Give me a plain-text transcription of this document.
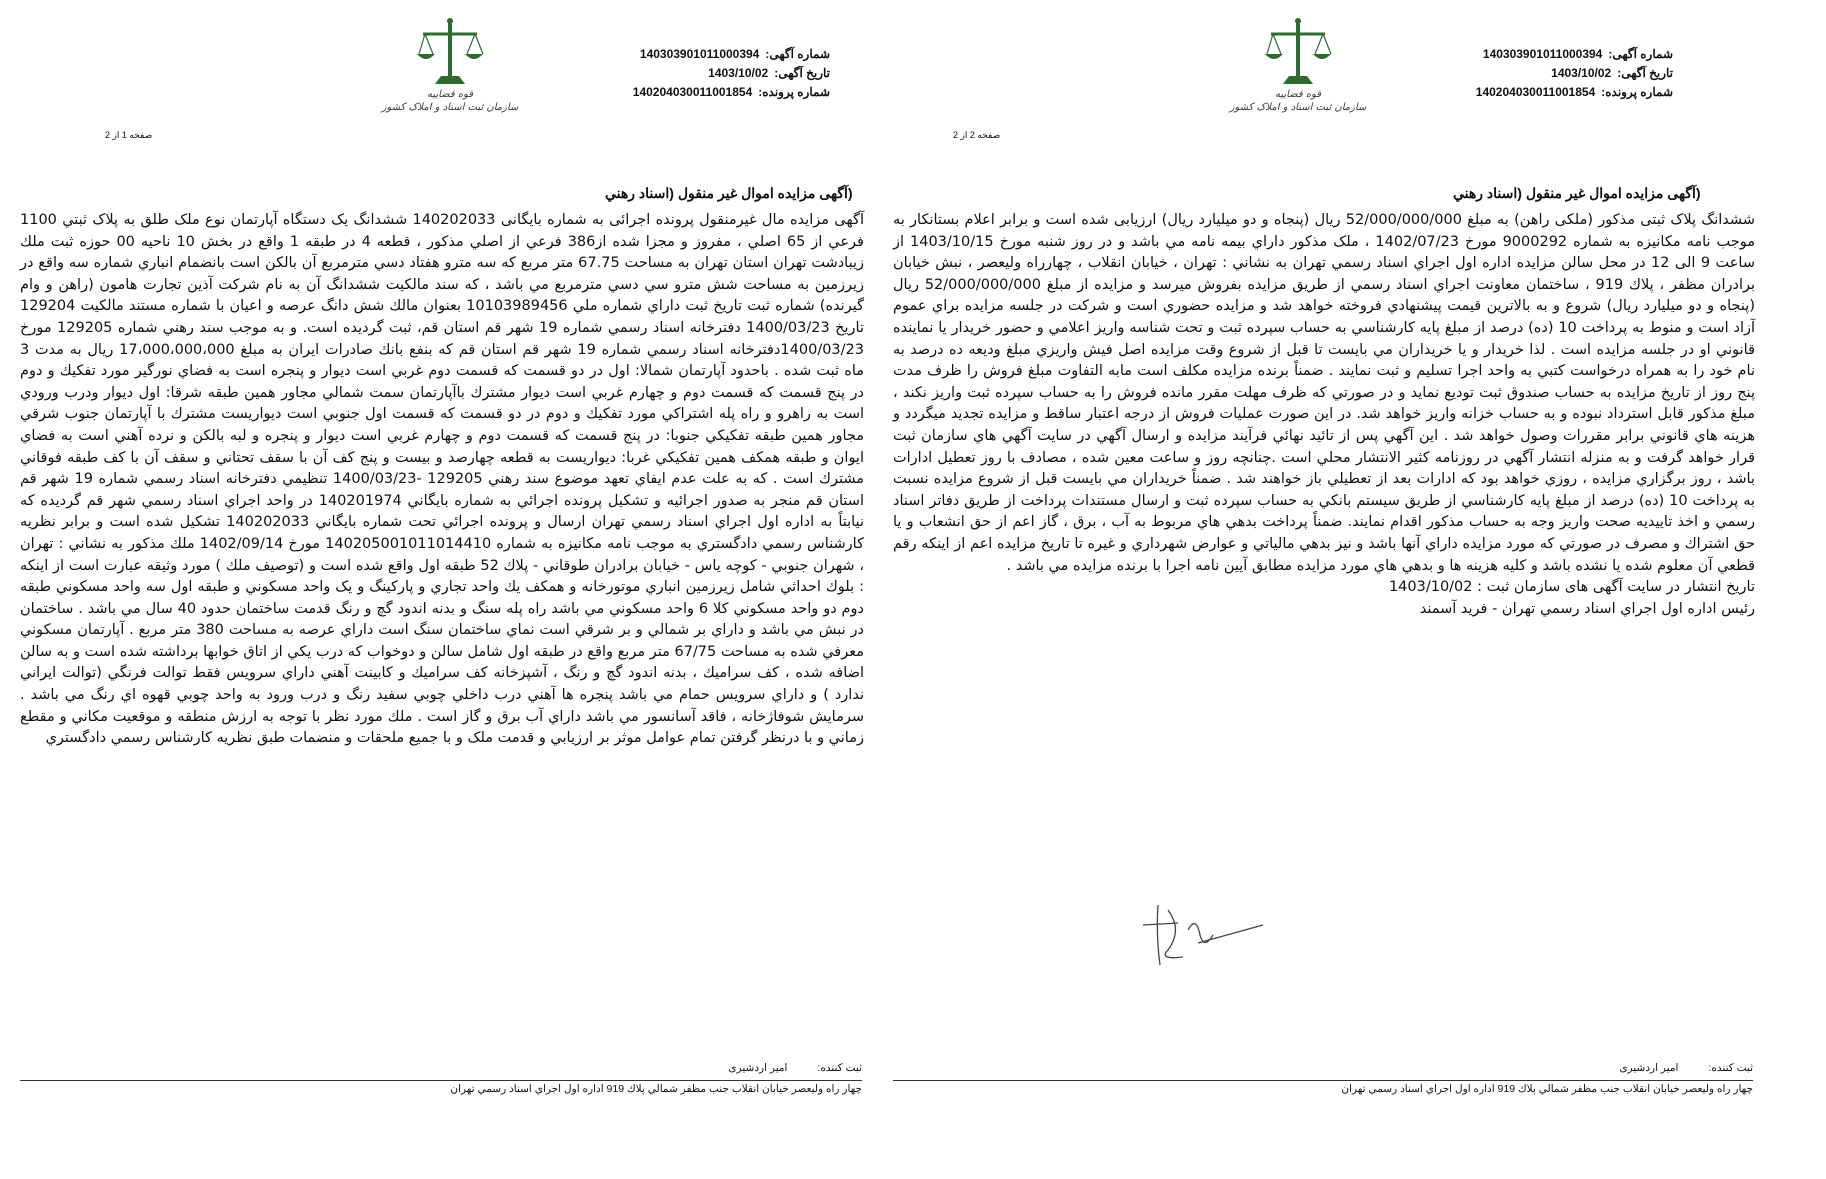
قوه قضاییه
سازمان ثبت اسناد و املاک کشور
شماره آگهی:
140303901011000394
تاریخ آگهی:
1403/10/02
شماره پرونده:
140204030011001854
صفحه 1 از 2
(آگهی مزایده اموال غیر منقول (اسناد رهني
آگهی مزايده مال غيرمنقول پرونده اجرائی به شماره بايگانی 140202033 ششدانگ يک دستگاه آپارتمان نوع ملک طلق به پلاک ثبتي 1100 فرعي از 65 اصلي ، مفروز و مجزا شده از386 فرعي از اصلي مذكور ، قطعه 4 در طبقه 1 واقع در بخش 10 ناحيه 00 حوزه ثبت ملك زيبادشت تهران استان تهران به مساحت 67.75 متر مربع كه سه مترو هفتاد دسي مترمربع آن بالكن است بانضمام انباري شماره سه واقع در زيرزمين به مساحت شش مترو سي دسي مترمربع مي باشد ، كه سند مالكيت ششدانگ آن به نام شركت آذين تجارت هامون (راهن و وام گيرنده) شماره ثبت تاريخ ثبت داراي شماره ملي 10103989456 بعنوان مالك شش دانگ عرصه و اعيان با شماره مستند مالكيت 129204 تاريخ 1400/03/23 دفترخانه اسناد رسمي شماره 19 شهر قم استان قم، ثبت گرديده است. و به موجب سند رهني شماره 129205 مورخ 1400/03/23دفترخانه اسناد رسمي شماره 19 شهر قم استان قم كه بنفع بانك صادرات ايران به مبلغ 17،000،000،000 ريال به مدت 3 ماه ثبت شده . باحدود آپارتمان شمالا: اول در دو قسمت كه قسمت دوم غربي است ديوار و پنجره است به فضاي نورگير مورد تفكيك و دوم در پنج قسمت كه قسمت دوم و چهارم غربي است ديوار مشترك باآپارتمان سمت شمالي مجاور همين طبقه شرقا: اول ديوار ودرب ورودي است به راهرو و راه پله اشتراكي مورد تفكيك و دوم در دو قسمت كه قسمت اول جنوبي است ديواريست مشترك با آپارتمان جنوب شرقي مجاور همين طبقه تفكيكي جنوبا: در پنج قسمت كه قسمت دوم و چهارم غربي است ديوار و پنجره و لبه بالكن و نرده آهني است به فضاي ايوان و طبقه همكف همين تفكيكي غربا: ديواريست به قطعه چهارصد و بيست و پنج كف آن با سقف تحتاني و سقف آن با كف طبقه فوقاني مشترك است . كه به علت عدم ايفاي تعهد موضوع سند رهني 129205 -1400/03/23 تنظيمي دفترخانه اسناد رسمي شماره 19 شهر قم استان قم منجر به صدور اجرائيه و تشكيل پرونده اجرائي به شماره بايگاني 140201974 در واحد اجراي اسناد رسمي شهر قم گرديده كه نيابتاً به اداره اول اجراي اسناد رسمي تهران ارسال و پرونده اجرائي تحت شماره بايگاني 140202033 تشكيل شده است و برابر نظريه كارشناس رسمي دادگستري به موجب نامه مكانيزه به شماره 140205001011014410 مورخ 1402/09/14 ملك مذكور به نشاني : تهران ، شهران جنوبي - كوچه ياس - خيابان برادران طوقاني - پلاك 52 طبقه اول واقع شده است و (توصيف ملك ) مورد وثيقه عبارت است از اينكه : بلوك احداثي شامل زيرزمين انباري موتورخانه و همكف يك واحد تجاري و پاركينگ و يک واحد مسكوني و طبقه اول سه واحد مسكوني طبقه دوم دو واحد مسكوني كلا 6 واحد مسكوني مي باشد راه پله سنگ و بدنه اندود گچ و رنگ قدمت ساختمان حدود 40 سال مي باشد . ساختمان در نبش مي باشد و داراي بر شمالي و بر شرقي است نماي ساختمان سنگ است داراي عرصه به مساحت 380 متر مربع . آپارتمان مسكوني معرفي شده به مساحت 67/75 متر مربع واقع در طبقه اول شامل سالن و دوخواب كه درب يكي از اتاق خوابها برداشته شده است و به سالن اضافه شده ، كف سراميك ، بدنه اندود گچ و رنگ ، آشپزخانه كف سراميك و كابينت آهني داراي سرويس فقط توالت فرنگي (توالت ايراني ندارد ) و داراي سرويس حمام مي باشد پنجره ها آهني درب داخلي چوبي سفيد رنگ و درب ورود به واحد چوبي قهوه اي رنگ مي باشد . سرمايش شوفاژخانه ، فاقد آسانسور مي باشد داراي آب برق و گاز است . ملك مورد نظر با توجه به ارزش منطقه و موقعيت مكاني و مقطع زماني و با درنظر گرفتن تمام عوامل موثر بر ارزيابي و قدمت ملک و با جميع ملحقات و منضمات طبق نظريه كارشناس رسمي دادگستري
ثبت کننده:
امیر اردشیری
چهار راه وليعصر خيابان انقلاب جنب مظفر شمالي پلاك 919 اداره اول اجراي اسناد رسمي تهران
قوه قضاییه
سازمان ثبت اسناد و املاک کشور
شماره آگهی:
140303901011000394
تاریخ آگهی:
1403/10/02
شماره پرونده:
140204030011001854
صفحه 2 از 2
(آگهی مزایده اموال غیر منقول (اسناد رهني
ششدانگ پلاک ثبتی مذکور (ملکی راهن) به مبلغ 52/000/000/000 ريال (پنجاه و دو ميليارد ريال) ارزيابی شده است و برابر اعلام بستانکار به موجب نامه مکانيزه به شماره 9000292 مورخ 1402/07/23 ، ملک مذکور داراي بيمه نامه مي باشد و در روز شنبه مورخ 1403/10/15 از ساعت 9 الی 12 در محل سالن مزايده اداره اول اجراي اسناد رسمي تهران به نشاني : تهران ، خيابان انقلاب ، چهارراه وليعصر ، نبش خيابان برادران مظفر ، پلاك 919 ، ساختمان معاونت اجراي اسناد رسمي از طريق مزايده بفروش ميرسد و مزايده از مبلغ 52/000/000/000 ريال (پنجاه و دو ميليارد ريال) شروع و به بالاترين قيمت پيشنهادي فروخته خواهد شد و مزايده حضوري است و شركت در جلسه مزايده براي عموم آزاد است و منوط به پرداخت 10 (ده) درصد از مبلغ پايه كارشناسي به حساب سپرده ثبت و تحت شناسه واريز اعلامي و حضور خريدار يا نماينده قانوني او در جلسه مزايده است . لذا خريدار و يا خريداران مي بايست تا قبل از شروع وقت مزايده اصل فيش واريزي مبلغ وديعه ده درصد به نام خود را به همراه درخواست كتبي به واحد اجرا تسليم و ثبت نمايند . ضمناً برنده مزايده مكلف است مابه التفاوت مبلغ فروش را ظرف مدت پنج روز از تاريخ مزايده به حساب صندوق ثبت توديع نمايد و در صورتي كه ظرف مهلت مقرر مانده فروش را به حساب سپرده ثبت واريز نكند ، مبلغ مذكور قابل استرداد نبوده و به حساب خزانه واريز خواهد شد. در اين صورت عمليات فروش از درجه اعتبار ساقط و مزايده تجديد ميگردد و هزينه هاي قانوني برابر مقررات وصول خواهد شد . اين آگهي پس از تائيد نهائي فرآيند مزايده و ارسال آگهي در سايت آگهي هاي سازمان ثبت قرار خواهد گرفت و به منزله انتشار آگهي در روزنامه كثير الانتشار محلي است .چنانچه روز و ساعت معين شده ، مصادف با روز تعطيل ادارات باشد ، روز برگزاري مزايده ، روزي خواهد بود كه ادارات بعد از تعطيلي باز خواهند شد . ضمناً خريداران مي بايست قبل از شروع مزايده نسبت به پرداخت 10 (ده) درصد از مبلغ پايه كارشناسي از طريق سيستم بانكي به حساب سپرده ثبت و ارسال مستندات پرداخت از طريق دفاتر اسناد رسمي و اخذ تاييديه صحت واريز وجه به حساب مذكور اقدام نمايند. ضمناً پرداخت بدهي هاي مربوط به آب ، برق ، گاز اعم از حق انشعاب و يا حق اشتراك و مصرف در صورتي كه مورد مزايده داراي آنها باشد و نيز بدهي مالياتي و عوارض شهرداري و غيره تا تاريخ مزايده اعم از اينكه رقم قطعي آن معلوم شده يا نشده باشد و كليه هزينه ها و بدهي هاي مورد مزايده مطابق آيين نامه اجرا با برنده مزايده مي باشد .
تاريخ انتشار در سايت آگهی های سازمان ثبت : 1403/10/02
رئيس اداره اول اجراي اسناد رسمي تهران - فريد آسمند
ثبت کننده:
امیر اردشیری
چهار راه وليعصر خيابان انقلاب جنب مظفر شمالي پلاك 919 اداره اول اجراي اسناد رسمي تهران
